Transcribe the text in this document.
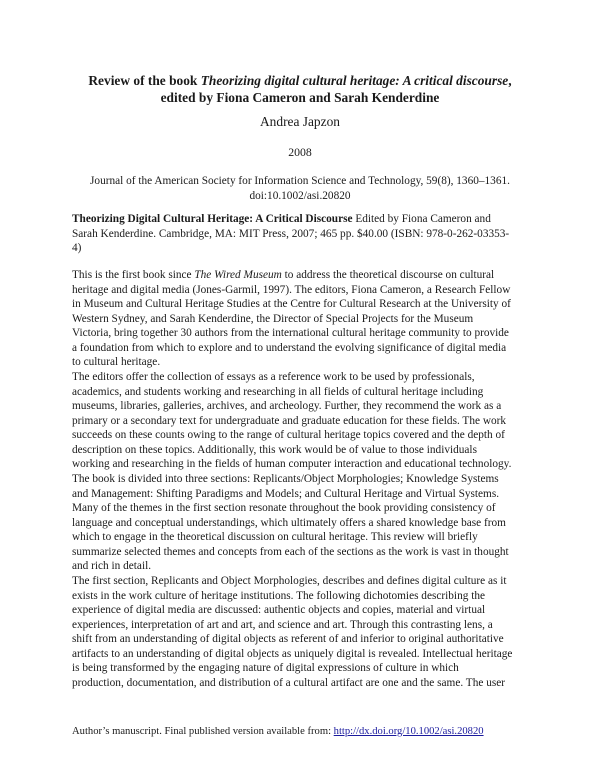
Review of the book Theorizing digital cultural heritage: A critical discourse,
edited by Fiona Cameron and Sarah Kenderdine
Andrea Japzon
2008
Journal of the American Society for Information Science and Technology, 59(8), 1360–1361.
doi:10.1002/asi.20820
Theorizing Digital Cultural Heritage: A Critical Discourse Edited by Fiona Cameron and
Sarah Kenderdine. Cambridge, MA: MIT Press, 2007; 465 pp. $40.00 (ISBN: 978-0-262-03353-
4)
This is the first book since The Wired Museum to address the theoretical discourse on cultural
heritage and digital media (Jones-Garmil, 1997). The editors, Fiona Cameron, a Research Fellow
in Museum and Cultural Heritage Studies at the Centre for Cultural Research at the University of
Western Sydney, and Sarah Kenderdine, the Director of Special Projects for the Museum
Victoria, bring together 30 authors from the international cultural heritage community to provide
a foundation from which to explore and to understand the evolving significance of digital media
to cultural heritage.
The editors offer the collection of essays as a reference work to be used by professionals,
academics, and students working and researching in all fields of cultural heritage including
museums, libraries, galleries, archives, and archeology. Further, they recommend the work as a
primary or a secondary text for undergraduate and graduate education for these fields. The work
succeeds on these counts owing to the range of cultural heritage topics covered and the depth of
description on these topics. Additionally, this work would be of value to those individuals
working and researching in the fields of human computer interaction and educational technology.
The book is divided into three sections: Replicants/Object Morphologies; Knowledge Systems
and Management: Shifting Paradigms and Models; and Cultural Heritage and Virtual Systems.
Many of the themes in the first section resonate throughout the book providing consistency of
language and conceptual understandings, which ultimately offers a shared knowledge base from
which to engage in the theoretical discussion on cultural heritage. This review will briefly
summarize selected themes and concepts from each of the sections as the work is vast in thought
and rich in detail.
The first section, Replicants and Object Morphologies, describes and defines digital culture as it
exists in the work culture of heritage institutions. The following dichotomies describing the
experience of digital media are discussed: authentic objects and copies, material and virtual
experiences, interpretation of art and art, and science and art. Through this contrasting lens, a
shift from an understanding of digital objects as referent of and inferior to original authoritative
artifacts to an understanding of digital objects as uniquely digital is revealed. Intellectual heritage
is being transformed by the engaging nature of digital expressions of culture in which
production, documentation, and distribution of a cultural artifact are one and the same. The user
Author’s manuscript. Final published version available from: http://dx.doi.org/10.1002/asi.20820
